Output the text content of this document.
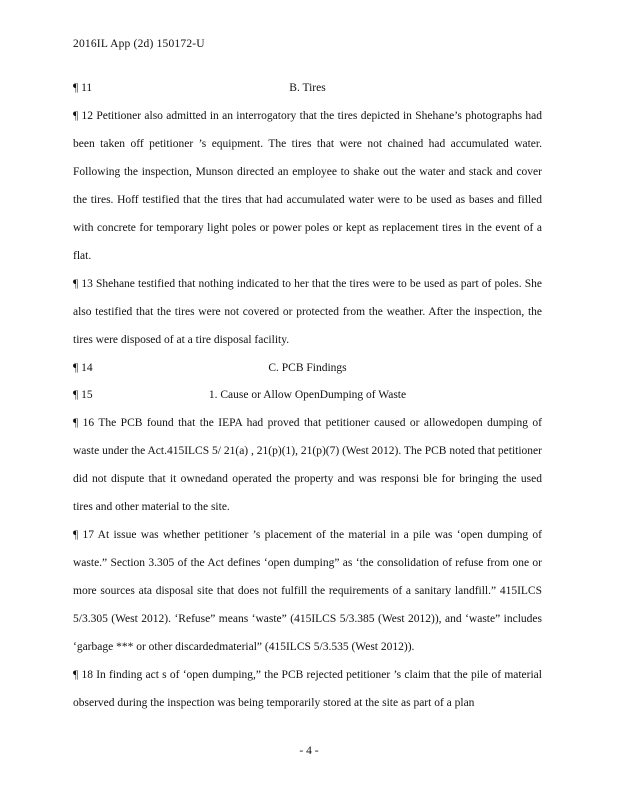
2016IL App (2d) 150172-U
¶ 11	B. Tires

¶ 12 Petitioner also admitted in an interrogatory that the tires depicted in Shehane’s photographs had been taken off petitioner ’s equipment. The tires that were not chained had accumulated water. Following the inspection, Munson directed an employee to shake out the water and stack and cover the tires. Hoff testified that the tires that had accumulated water were to be used as bases and filled with concrete for temporary light poles or power poles or kept as replacement tires in the event of a flat.

¶ 13 Shehane testified that nothing indicated to her that the tires were to be used as part of poles. She also testified that the tires were not covered or protected from the weather. After the inspection, the tires were disposed of at a tire disposal facility.

¶ 14	C. PCB Findings
¶ 15	1. Cause or Allow OpenDumping of Waste

¶ 16 The PCB found that the IEPA had proved that petitioner caused or allowedopen dumping of waste under the Act.415ILCS 5/ 21(a) , 21(p)(1), 21(p)(7) (West 2012). The PCB noted that petitioner did not dispute that it ownedand operated the property and was responsi ble for bringing the used tires and other material to the site.

¶ 17 At issue was whether petitioner ’s placement of the material in a pile was ‘open dumping of waste.” Section 3.305 of the Act defines ‘open dumping” as ‘the consolidation of refuse from one or more sources ata disposal site that does not fulfill the requirements of a sanitary landfill.” 415ILCS 5/3.305 (West 2012). ‘Refuse” means ‘waste” (415ILCS 5/3.385 (West 2012)), and ‘waste” includes ‘garbage *** or other discardedmaterial” (415ILCS 5/3.535 (West 2012)).

¶ 18 In finding act s of ‘open dumping,” the PCB rejected petitioner ’s claim that the pile of material observed during the inspection was being temporarily stored at the site as part of a plan

- 4 -
